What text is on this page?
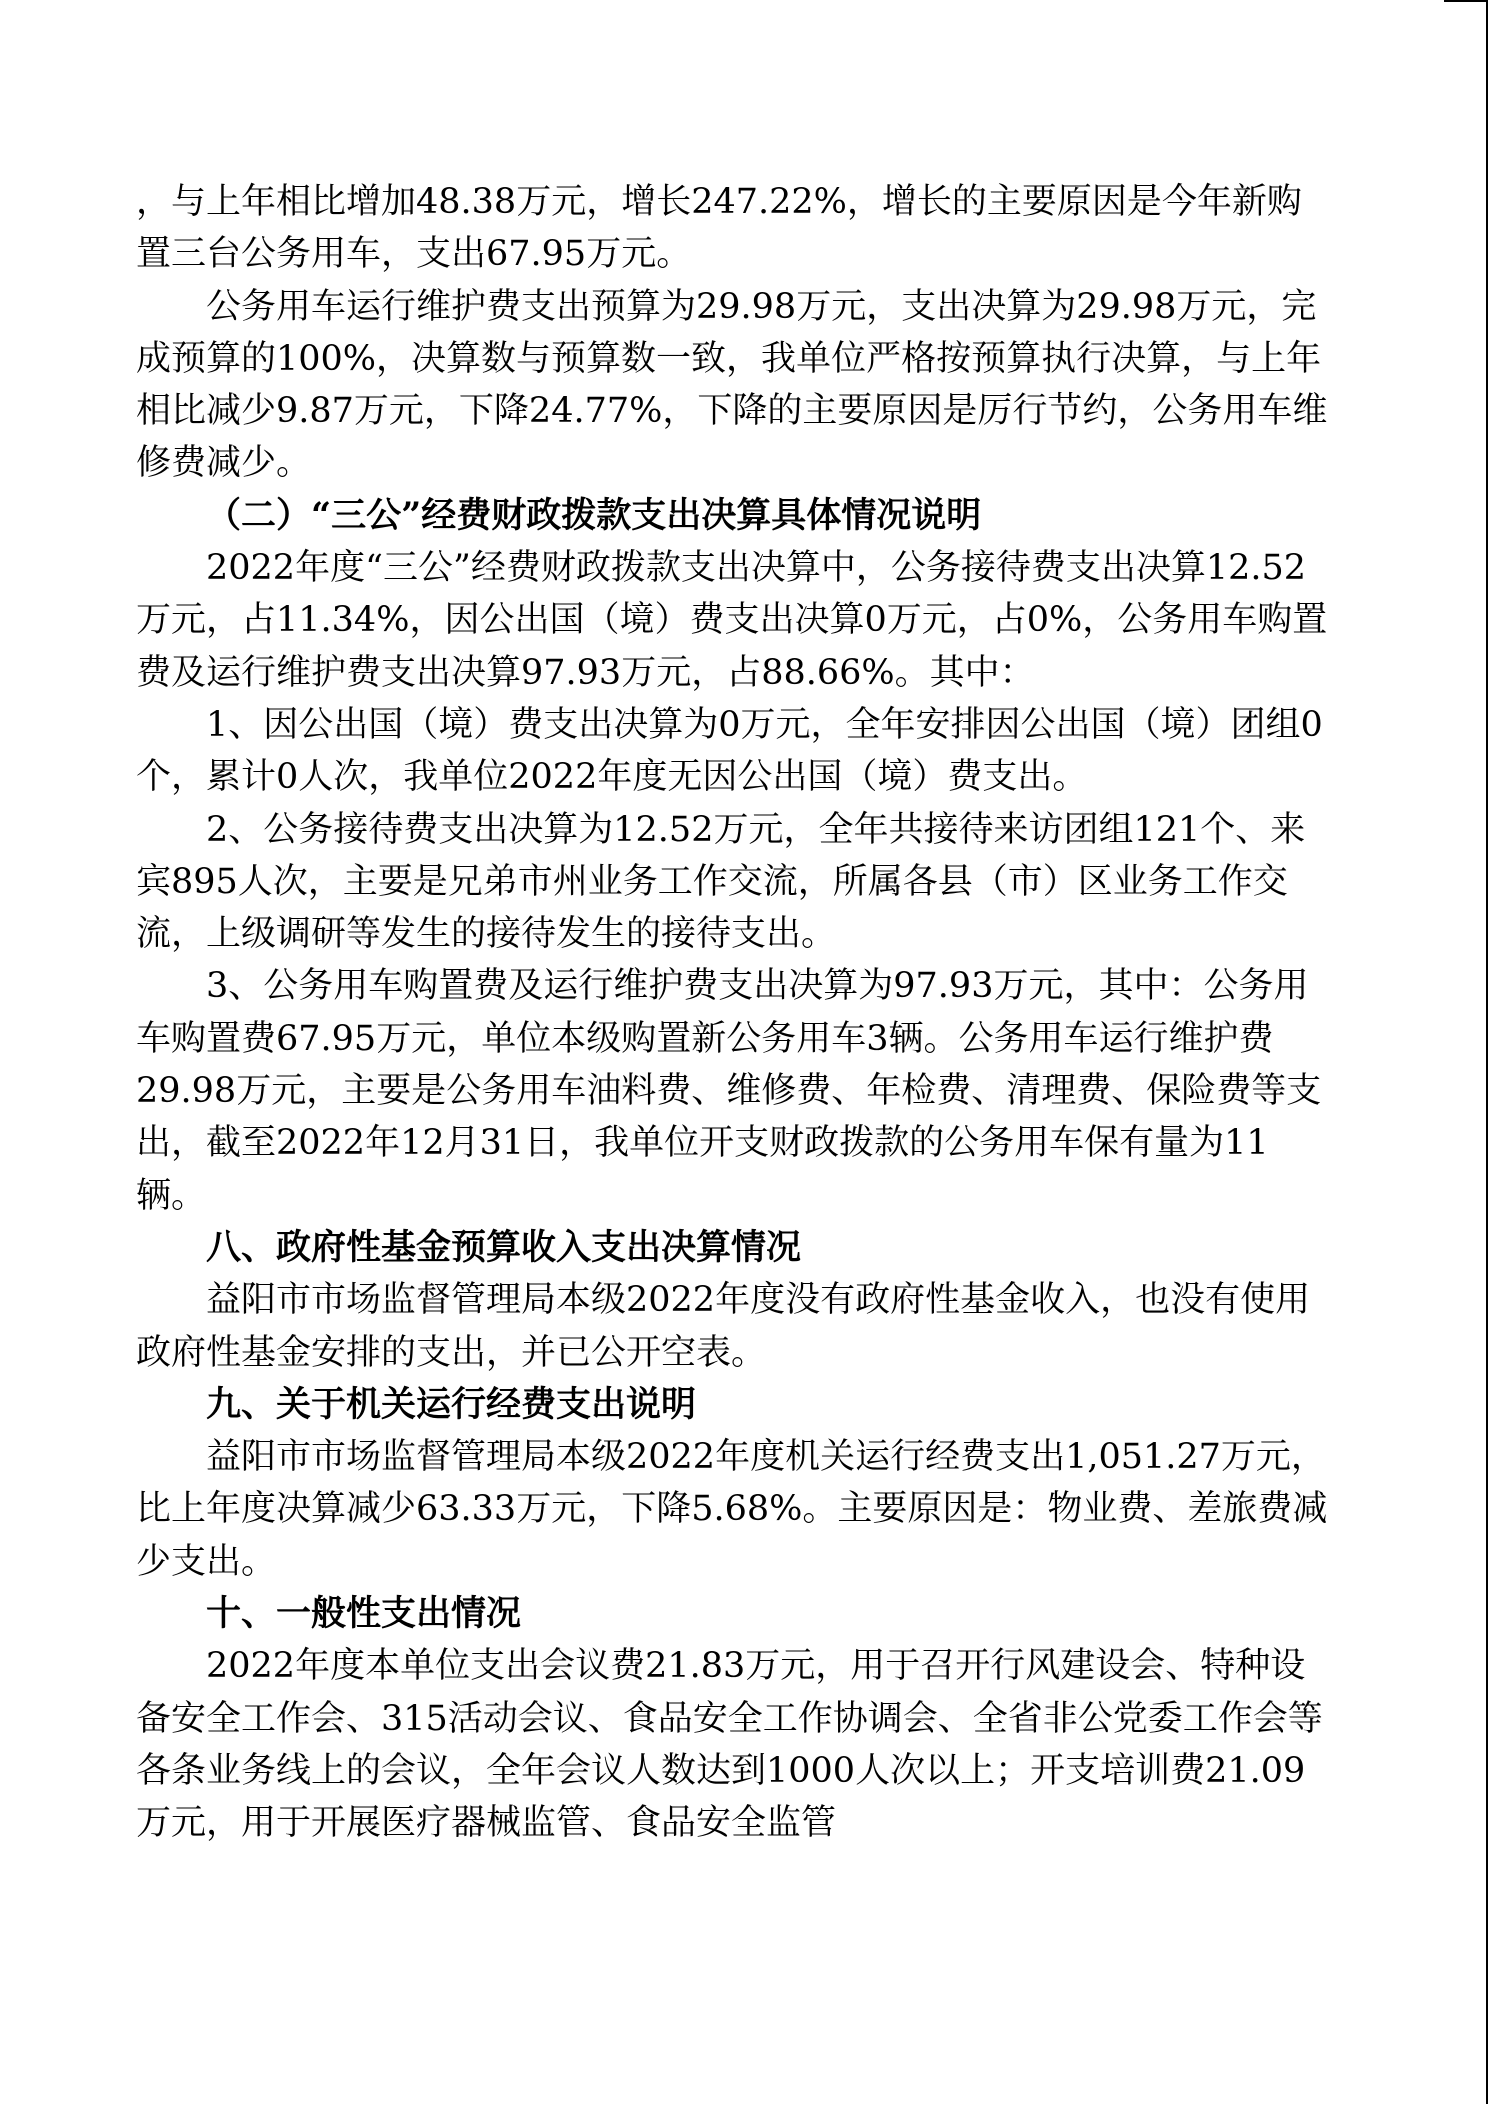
，与上年相比增加48.38万元，增长247.22%，增长的主要原因是今年新购置三台公务用车，支出67.95万元。

公务用车运行维护费支出预算为29.98万元，支出决算为29.98万元，完成预算的100%，决算数与预算数一致，我单位严格按预算执行决算，与上年相比减少9.87万元，下降24.77%，下降的主要原因是厉行节约，公务用车维修费减少。

（二）“三公”经费财政拨款支出决算具体情况说明

2022年度“三公”经费财政拨款支出决算中，公务接待费支出决算12.52万元，占11.34%，因公出国（境）费支出决算0万元，占0%，公务用车购置费及运行维护费支出决算97.93万元，占88.66%。其中：

1、因公出国（境）费支出决算为0万元，全年安排因公出国（境）团组0个，累计0人次，我单位2022年度无因公出国（境）费支出。

2、公务接待费支出决算为12.52万元，全年共接待来访团组121个、来宾895人次，主要是兄弟市州业务工作交流，所属各县（市）区业务工作交流，上级调研等发生的接待发生的接待支出。

3、公务用车购置费及运行维护费支出决算为97.93万元，其中：公务用车购置费67.95万元，单位本级购置新公务用车3辆。公务用车运行维护费29.98万元，主要是公务用车油料费、维修费、年检费、清理费、保险费等支出，截至2022年12月31日，我单位开支财政拨款的公务用车保有量为11辆。

八、政府性基金预算收入支出决算情况

益阳市市场监督管理局本级2022年度没有政府性基金收入，也没有使用政府性基金安排的支出，并已公开空表。

九、关于机关运行经费支出说明

益阳市市场监督管理局本级2022年度机关运行经费支出1,051.27万元，比上年度决算减少63.33万元，下降5.68%。主要原因是：物业费、差旅费减少支出。

十、一般性支出情况

2022年度本单位支出会议费21.83万元，用于召开行风建设会、特种设备安全工作会、315活动会议、食品安全工作协调会、全省非公党委工作会等各条业务线上的会议，全年会议人数达到1000人次以上；开支培训费21.09万元，用于开展医疗器械监管、食品安全监管
